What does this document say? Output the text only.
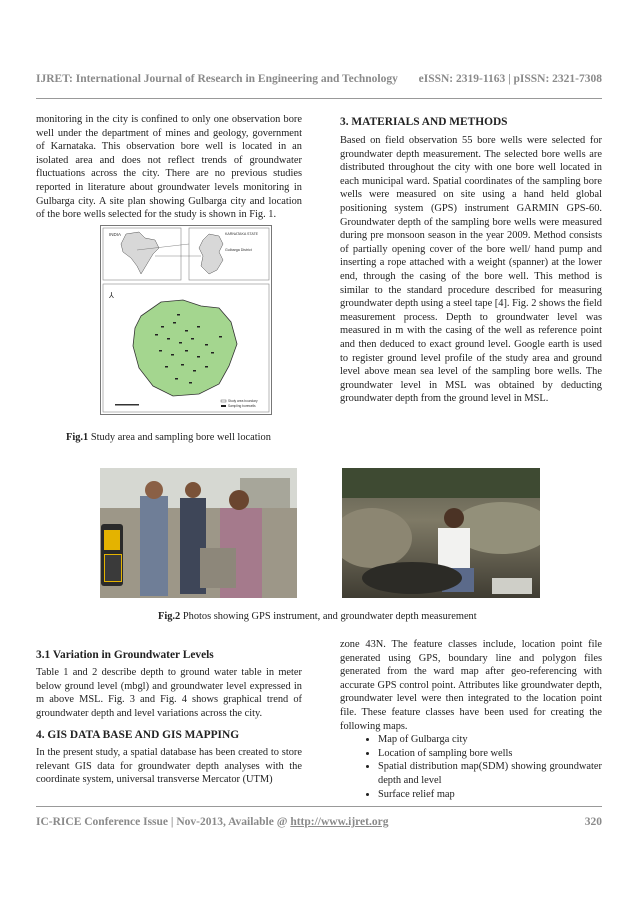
IJRET: International Journal of Research in Engineering and Technology eISSN: 2319-1163 | pISSN: 2321-7308

monitoring in the city is confined to only one observation bore well under the department of mines and geology, government of Karnataka. This observation bore well is located in an isolated area and does not reflect trends of groundwater fluctuations across the city. There are no previous studies reported in literature about groundwater levels monitoring in Gulbarga city. A site plan showing Gulbarga city and location of the bore wells selected for the study is shown in Fig. 1.

3. MATERIALS AND METHODS

Based on field observation 55 bore wells were selected for groundwater depth measurement. The selected bore wells are distributed throughout the city with one bore well located in each municipal ward. Spatial coordinates of the sampling bore wells were measured on site using a hand held global positioning system (GPS) instrument GARMIN GPS-60. Groundwater depth of the sampling bore wells were measured during pre monsoon season in the year 2009. Method consists of partially opening cover of the bore well/ hand pump and inserting a rope attached with a weight (spanner) at the lower end, through the casing of the bore well. This method is similar to the standard procedure described for measuring groundwater depth using a steel tape [4]. Fig. 2 shows the field measurement process. Depth to groundwater level was measured in m with the casing of the well as reference point and then deduced to exact ground level. Google earth is used to register ground level profile of the study area and ground level above mean sea level of the sampling bore wells. The groundwater level in MSL was obtained by deducting groundwater depth from the ground level in MSL.

INDIA	KARNATAKA STATE
Gulbarga District
⅄
Study area boundary
Sampling borewells
Fig.1 Study area and sampling bore well location
Fig.2 Photos showing GPS instrument, and groundwater depth measurement
3.1 Variation in Groundwater Levels

Table 1 and 2 describe depth to ground water table in meter below ground level (mbgl) and groundwater level expressed in m above MSL. Fig. 3 and Fig. 4 shows graphical trend of groundwater depth and level variations across the city.

4. GIS DATA BASE AND GIS MAPPING

In the present study, a spatial database has been created to store relevant GIS data for groundwater depth analyses with the coordinate system, universal transverse Mercator (UTM)

zone 43N. The feature classes include, location point file generated using GPS, boundary line and polygon files generated from the ward map after geo-referencing with accurate GPS control point. Attributes like groundwater depth, groundwater level were then integrated to the location point file. These feature classes have been used for creating the following maps.

• Map of Gulbarga city
• Location of sampling bore wells
• Spatial distribution map(SDM) showing groundwater depth and level
• Surface relief map
IC-RICE Conference Issue | Nov-2013, Available @ http://www.ijret.org	320
